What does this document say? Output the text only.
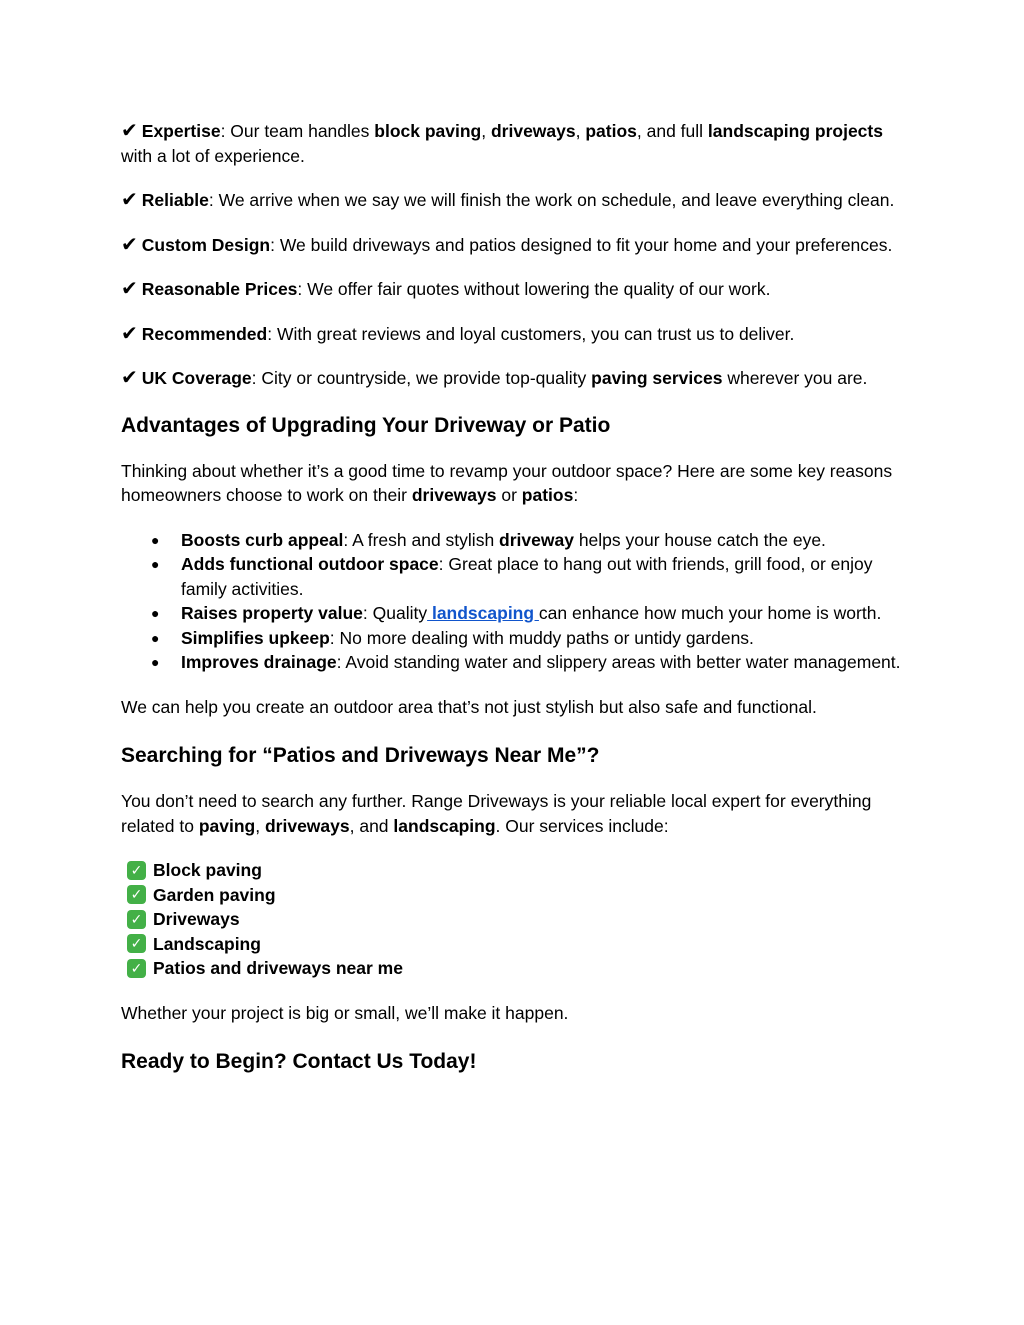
✔ Expertise: Our team handles block paving, driveways, patios, and full landscaping projects with a lot of experience.

✔ Reliable: We arrive when we say we will finish the work on schedule, and leave everything clean.

✔ Custom Design: We build driveways and patios designed to fit your home and your preferences.

✔ Reasonable Prices: We offer fair quotes without lowering the quality of our work.

✔ Recommended: With great reviews and loyal customers, you can trust us to deliver.

✔ UK Coverage: City or countryside, we provide top-quality paving services wherever you are.

Advantages of Upgrading Your Driveway or Patio

Thinking about whether it’s a good time to revamp your outdoor space? Here are some key reasons homeowners choose to work on their driveways or patios:

● Boosts curb appeal: A fresh and stylish driveway helps your house catch the eye.
● Adds functional outdoor space: Great place to hang out with friends, grill food, or enjoy family activities.
● Raises property value: Quality landscaping can enhance how much your home is worth.
● Simplifies upkeep: No more dealing with muddy paths or untidy gardens.
● Improves drainage: Avoid standing water and slippery areas with better water management.

We can help you create an outdoor area that’s not just stylish but also safe and functional.

Searching for “Patios and Driveways Near Me”?

You don’t need to search any further. Range Driveways is your reliable local expert for everything related to paving, driveways, and landscaping. Our services include:

✓ Block paving
✓ Garden paving
✓ Driveways
✓ Landscaping
✓ Patios and driveways near me

Whether your project is big or small, we’ll make it happen.

Ready to Begin? Contact Us Today!
